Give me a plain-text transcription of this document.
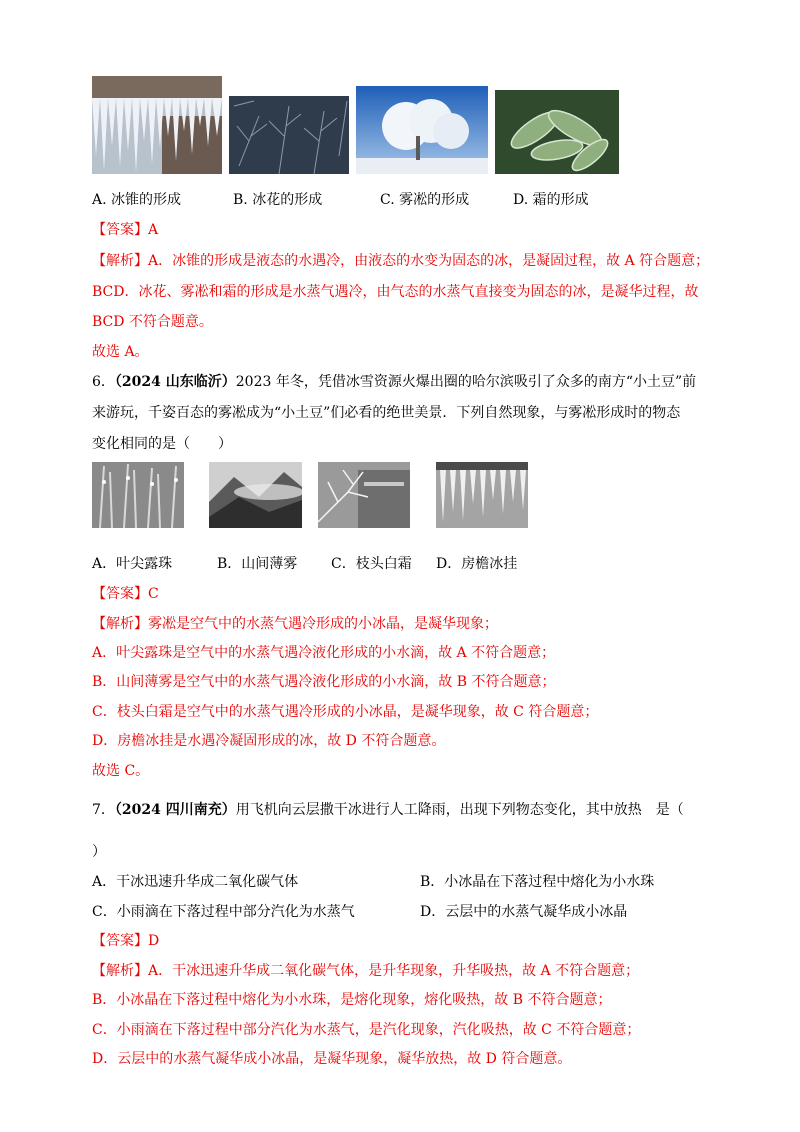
A. 冰锥的形成	B. 冰花的形成	C. 雾凇的形成	D. 霜的形成
【答案】A
【解析】A．冰锥的形成是液态的水遇冷，由液态的水变为固态的冰，是凝固过程，故 A 符合题意；
BCD．冰花、雾凇和霜的形成是水蒸气遇冷，由气态的水蒸气直接变为固态的冰，是凝华过程，故
BCD 不符合题意。
故选 A。
6．（2024 山东临沂）2023 年冬，凭借冰雪资源火爆出圈的哈尔滨吸引了众多的南方“小土豆”前
来游玩，千姿百态的雾凇成为“小土豆”们必看的绝世美景．下列自然现象，与雾凇形成时的物态
变化相同的是（　　）
A．叶尖露珠	B．山间薄雾 C．枝头白霜 D．房檐冰挂
【答案】C
【解析】雾凇是空气中的水蒸气遇冷形成的小冰晶，是凝华现象；
A．叶尖露珠是空气中的水蒸气遇冷液化形成的小水滴，故 A 不符合题意；
B．山间薄雾是空气中的水蒸气遇冷液化形成的小水滴，故 B 不符合题意；
C．枝头白霜是空气中的水蒸气遇冷形成的小冰晶，是凝华现象，故 C 符合题意；
D．房檐冰挂是水遇冷凝固形成的冰，故 D 不符合题意。
故选 C。
7．（2024 四川南充）用飞机向云层撒干冰进行人工降雨，出现下列物态变化，其中放热　是（
）
A．干冰迅速升华成二氧化碳气体	B．小冰晶在下落过程中熔化为小水珠
C．小雨滴在下落过程中部分汽化为水蒸气	D．云层中的水蒸气凝华成小冰晶
【答案】D
【解析】A．干冰迅速升华成二氧化碳气体，是升华现象，升华吸热，故 A 不符合题意；
B．小冰晶在下落过程中熔化为小水珠，是熔化现象，熔化吸热，故 B 不符合题意；
C．小雨滴在下落过程中部分汽化为水蒸气，是汽化现象，汽化吸热，故 C 不符合题意；
D．云层中的水蒸气凝华成小冰晶，是凝华现象，凝华放热，故 D 符合题意。
